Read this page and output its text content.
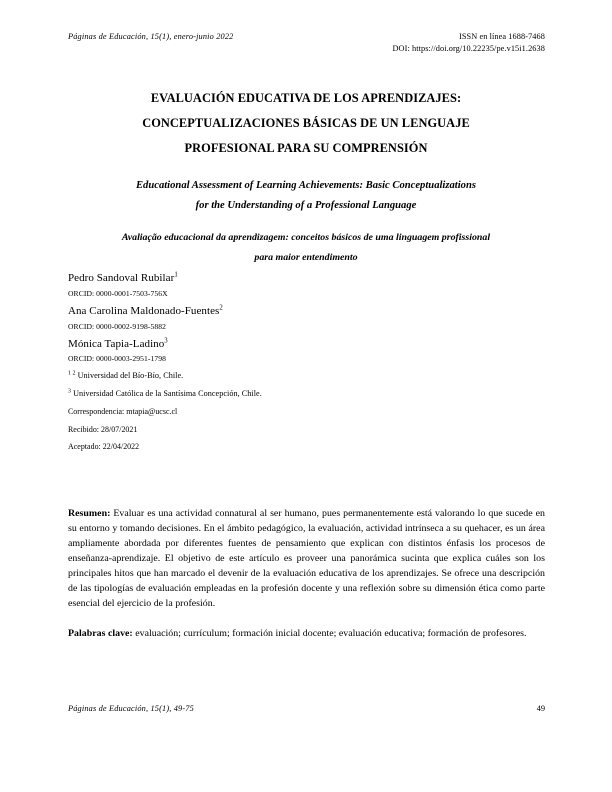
Páginas de Educación, 15(1), enero-junio 2022	ISSN en línea 1688-7468
DOI: https://doi.org/10.22235/pe.v15i1.2638
EVALUACIÓN EDUCATIVA DE LOS APRENDIZAJES:
CONCEPTUALIZACIONES BÁSICAS DE UN LENGUAJE
PROFESIONAL PARA SU COMPRENSIÓN
Educational Assessment of Learning Achievements: Basic Conceptualizations
for the Understanding of a Professional Language
Avaliação educacional da aprendizagem: conceitos básicos de uma linguagem profissional
para maior entendimento

Pedro Sandoval Rubilar$^1$

ORCID: 0000-0001-7503-756X

Ana Carolina Maldonado-Fuentes$^2$

ORCID: 0000-0002-9198-5882

Mónica Tapia-Ladino$^3$

ORCID: 0000-0003-2951-1798

$^{1 2}$ Universidad del Bío-Bío, Chile.

$^3$ Universidad Católica de la Santísima Concepción, Chile.

Correspondencia: mtapia@ucsc.cl

Recibido: 28/07/2021

Aceptado: 22/04/2022

Resumen: Evaluar es una actividad connatural al ser humano, pues permanentemente está valorando lo que sucede en su entorno y tomando decisiones. En el ámbito pedagógico, la evaluación, actividad intrínseca a su quehacer, es un área ampliamente abordada por diferentes fuentes de pensamiento que explican con distintos énfasis los procesos de enseñanza-aprendizaje. El objetivo de este artículo es proveer una panorámica sucinta que explica cuáles son los principales hitos que han marcado el devenir de la evaluación educativa de los aprendizajes. Se ofrece una descripción de las tipologías de evaluación empleadas en la profesión docente y una reflexión sobre su dimensión ética como parte esencial del ejercicio de la profesión.

Palabras clave: evaluación; currículum; formación inicial docente; evaluación educativa; formación de profesores.

Páginas de Educación, 15(1), 49-75	49
